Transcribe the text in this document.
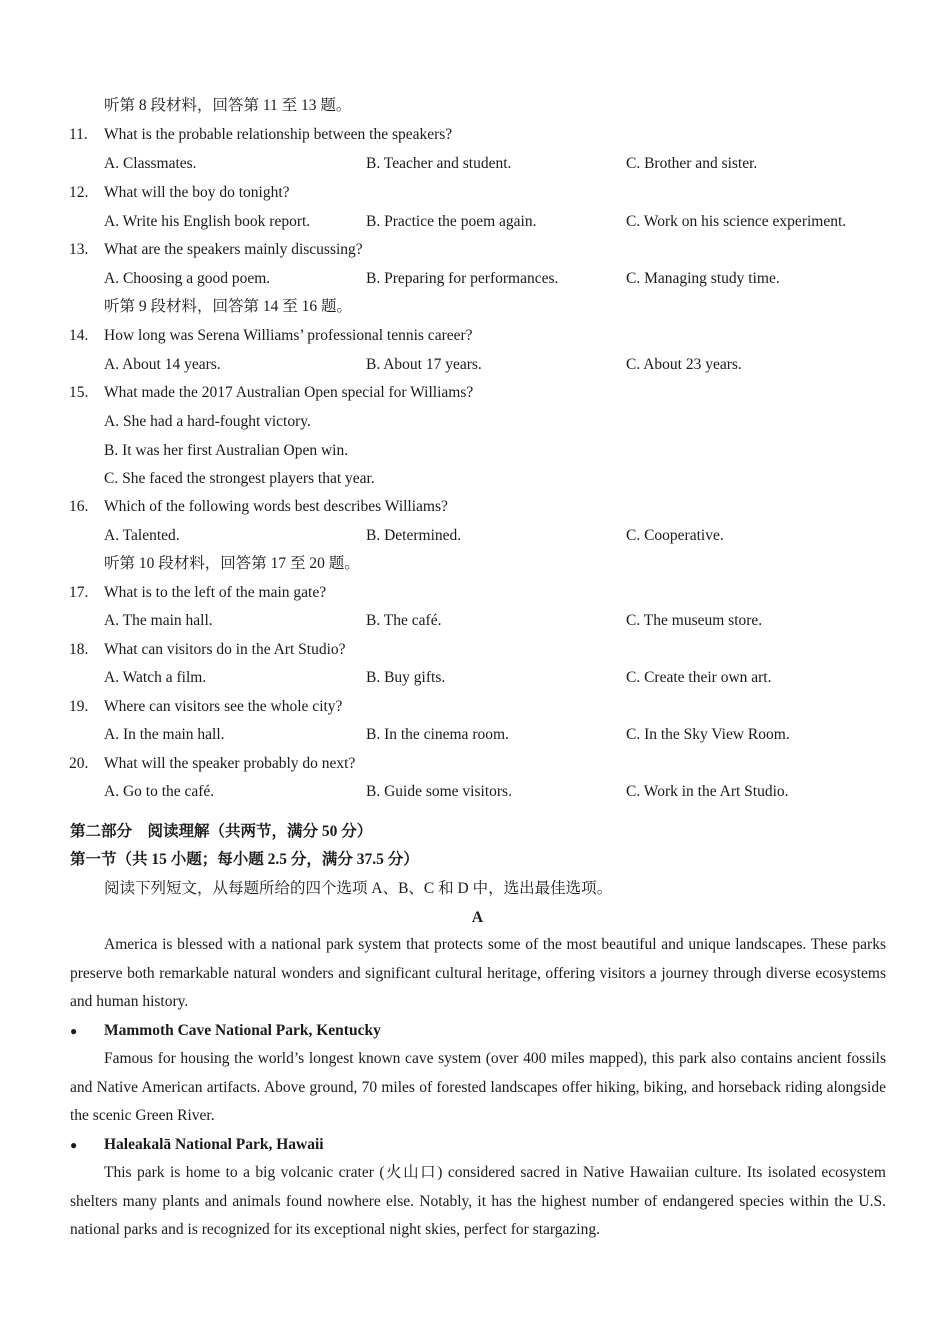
听第 8 段材料，回答第 11 至 13 题。
11. What is the probable relationship between the speakers?
A. Classmates.	B. Teacher and student.	C. Brother and sister.
12. What will the boy do tonight?
A. Write his English book report.	B. Practice the poem again.	C. Work on his science experiment.
13. What are the speakers mainly discussing?
A. Choosing a good poem.	B. Preparing for performances.	C. Managing study time.
听第 9 段材料，回答第 14 至 16 题。
14. How long was Serena Williams’ professional tennis career?
A. About 14 years.	B. About 17 years.	C. About 23 years.
15. What made the 2017 Australian Open special for Williams?
A. She had a hard-fought victory.
B. It was her first Australian Open win.
C. She faced the strongest players that year.
16. Which of the following words best describes Williams?
A. Talented.	B. Determined.	C. Cooperative.
听第 10 段材料，回答第 17 至 20 题。
17. What is to the left of the main gate?
A. The main hall.	B. The café.	C. The museum store.
18. What can visitors do in the Art Studio?
A. Watch a film.	B. Buy gifts.	C. Create their own art.
19. Where can visitors see the whole city?
A. In the main hall.	B. In the cinema room.	C. In the Sky View Room.
20. What will the speaker probably do next?
A. Go to the café.	B. Guide some visitors.	C. Work in the Art Studio.
第二部分　阅读理解（共两节，满分 50 分）
第一节（共 15 小题；每小题 2.5 分，满分 37.5 分）
阅读下列短文，从每题所给的四个选项 A、B、C 和 D 中，选出最佳选项。
A
America is blessed with a national park system that protects some of the most beautiful and unique landscapes. These parks preserve both remarkable natural wonders and significant cultural heritage, offering visitors a journey through diverse ecosystems and human history.
● Mammoth Cave National Park, Kentucky
Famous for housing the world’s longest known cave system (over 400 miles mapped), this park also contains ancient fossils and Native American artifacts. Above ground, 70 miles of forested landscapes offer hiking, biking, and horseback riding alongside the scenic Green River.
● Haleakalā National Park, Hawaii
This park is home to a big volcanic crater (火山口) considered sacred in Native Hawaiian culture. Its isolated ecosystem shelters many plants and animals found nowhere else. Notably, it has the highest number of endangered species within the U.S. national parks and is recognized for its exceptional night skies, perfect for stargazing.
